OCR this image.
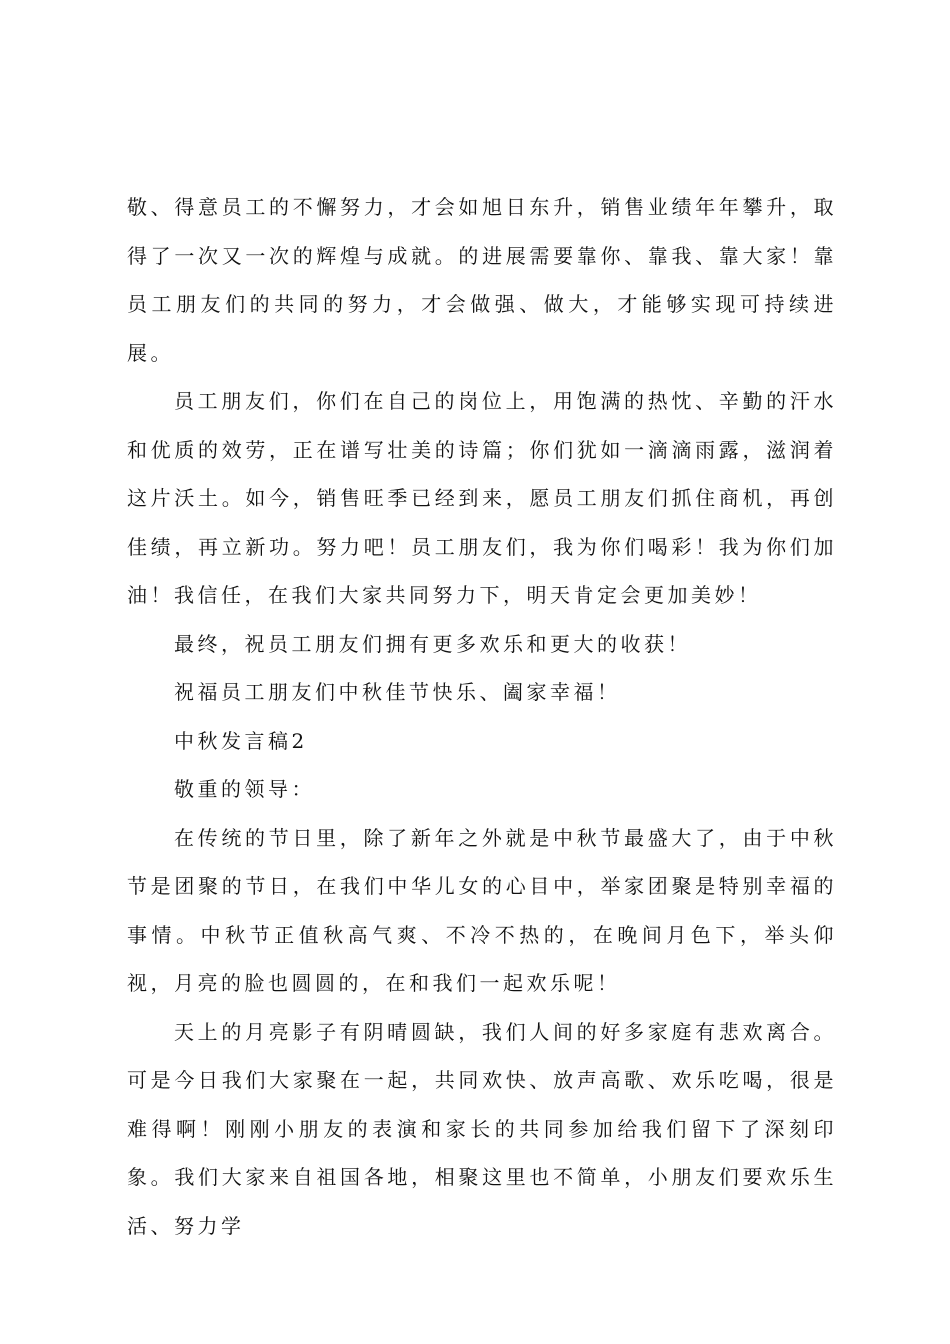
敬、得意员工的不懈努力，才会如旭日东升，销售业绩年年攀升，取得了一次又一次的辉煌与成就。的进展需要靠你、靠我、靠大家！靠员工朋友们的共同的努力，才会做强、做大，才能够实现可持续进展。

员工朋友们，你们在自己的岗位上，用饱满的热忱、辛勤的汗水和优质的效劳，正在谱写壮美的诗篇；你们犹如一滴滴雨露，滋润着这片沃土。如今，销售旺季已经到来，愿员工朋友们抓住商机，再创佳绩，再立新功。努力吧！员工朋友们，我为你们喝彩！我为你们加油！我信任，在我们大家共同努力下，明天肯定会更加美妙！

最终，祝员工朋友们拥有更多欢乐和更大的收获！

祝福员工朋友们中秋佳节快乐、阖家幸福！

中秋发言稿2

敬重的领导：

在传统的节日里，除了新年之外就是中秋节最盛大了，由于中秋节是团聚的节日，在我们中华儿女的心目中，举家团聚是特别幸福的事情。中秋节正值秋高气爽、不冷不热的，在晚间月色下，举头仰视，月亮的脸也圆圆的，在和我们一起欢乐呢！

天上的月亮影子有阴晴圆缺，我们人间的好多家庭有悲欢离合。可是今日我们大家聚在一起，共同欢快、放声高歌、欢乐吃喝，很是难得啊！刚刚小朋友的表演和家长的共同参加给我们留下了深刻印象。我们大家来自祖国各地，相聚这里也不简单，小朋友们要欢乐生活、努力学
